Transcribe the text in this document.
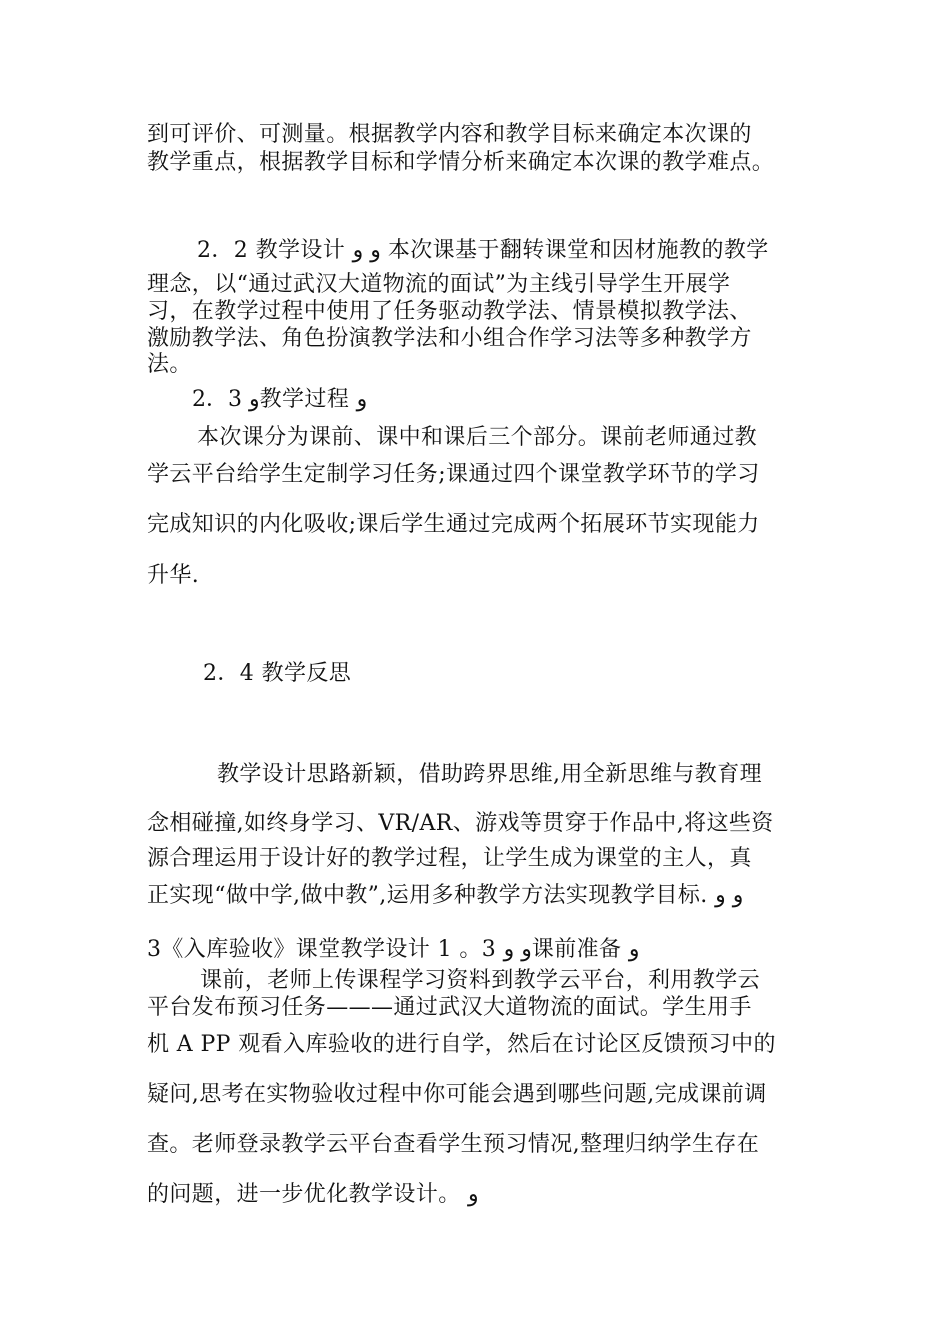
到可评价、可测量。根据教学内容和教学目标来确定本次课的
教学重点，根据教学目标和学情分析来确定本次课的教学难点。
2．2 教学设计 و و 本次课基于翻转课堂和因材施教的教学
理念，以“通过武汉大道物流的面试”为主线引导学生开展学
习，在教学过程中使用了任务驱动教学法、情景模拟教学法、
激励教学法、角色扮演教学法和小组合作学习法等多种教学方
法。
2．3 و教学过程 و
本次课分为课前、课中和课后三个部分。课前老师通过教
学云平台给学生定制学习任务;课通过四个课堂教学环节的学习
完成知识的内化吸收;课后学生通过完成两个拓展环节实现能力
升华.
2．4 教学反思
教学设计思路新颖，借助跨界思维,用全新思维与教育理
念相碰撞,如终身学习、VR/AR、游戏等贯穿于作品中,将这些资
源合理运用于设计好的教学过程，让学生成为课堂的主人，真
正实现“做中学,做中教”,运用多种教学方法实现教学目标. و و
3《入库验收》课堂教学设计 1 。3 و و课前准备 و
课前，老师上传课程学习资料到教学云平台，利用教学云
平台发布预习任务———通过武汉大道物流的面试。学生用手
机 A PP 观看入库验收的进行自学，然后在讨论区反馈预习中的
疑问,思考在实物验收过程中你可能会遇到哪些问题,完成课前调
查。老师登录教学云平台查看学生预习情况,整理归纳学生存在
的问题，进一步优化教学设计。 و
